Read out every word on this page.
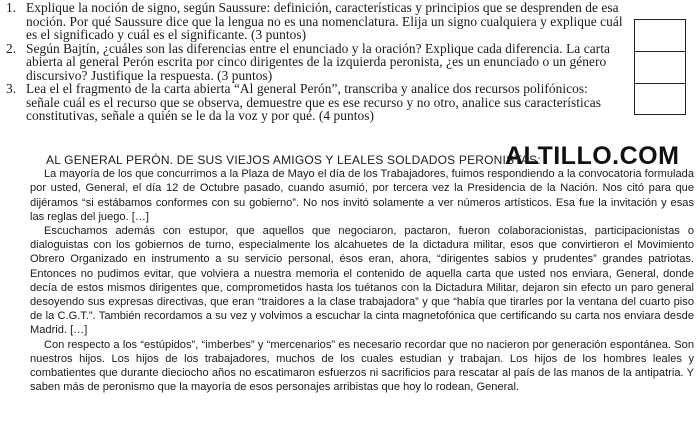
1. Explique la noción de signo, según Saussure: definición, características y principios que se desprenden de esa noción. Por qué Saussure dice que la lengua no es una nomenclatura. Elija un signo cualquiera y explique cuál es el significado y cuál es el significante. (3 puntos)
2. Según Bajtín, ¿cuáles son las diferencias entre el enunciado y la oración? Explique cada diferencia. La carta abierta al general Perón escrita por cinco dirigentes de la izquierda peronista, ¿es un enunciado o un género discursivo? Justifique la respuesta. (3 puntos)
3. Lea el el fragmento de la carta abierta “Al general Perón”, transcriba y analice dos recursos polifónicos: señale cuál es el recurso que se observa, demuestre que es ese recurso y no otro, analice sus características constitutivas, señale a quién se le da la voz y por qué. (4 puntos)
ALTILLO.COM
AL GENERAL PERÓN. DE SUS VIEJOS AMIGOS Y LEALES SOLDADOS PERONISTAS:

La mayoría de los que concurrimos a la Plaza de Mayo el día de los Trabajadores, fuimos respondiendo a la convocatoria formulada por usted, General, el día 12 de Octubre pasado, cuando asumió, por tercera vez la Presidencia de la Nación. Nos citó para que dijéramos “si estábamos conformes con su gobierno”. No nos invitó solamente a ver números artísticos. Esa fue la invitación y esas las reglas del juego. […]

Escuchamos además con estupor, que aquellos que negociaron, pactaron, fueron colaboracionistas, participacionistas o dialoguistas con los gobiernos de turno, especialmente los alcahuetes de la dictadura militar, esos que convirtieron el Movimiento Obrero Organizado en instrumento a su servicio personal, ésos eran, ahora, “dirigentes sabios y prudentes” grandes patriotas. Entonces no pudimos evitar, que volviera a nuestra memoria el contenido de aquella carta que usted nos enviara, General, donde decía de estos mismos dirigentes que, comprometidos hasta los tuétanos con la Dictadura Militar, dejaron sin efecto un paro general desoyendo sus expresas directivas, que eran “traidores a la clase trabajadora” y que “había que tirarles por la ventana del cuarto piso de la C.G.T.”. También recordamos a su vez y volvimos a escuchar la cinta magnetofónica que certificando su carta nos enviara desde Madrid. […]

Con respecto a los “estúpidos”, “imberbes” y “mercenarios” es necesario recordar que no nacieron por generación espontánea. Son nuestros hijos. Los hijos de los trabajadores, muchos de los cuales estudian y trabajan. Los hijos de los hombres leales y combatientes que durante dieciocho años no escatimaron esfuerzos ni sacrificios para rescatar al país de las manos de la antipatria. Y saben más de peronismo que la mayoría de esos personajes arribistas que hoy lo rodean, General.
